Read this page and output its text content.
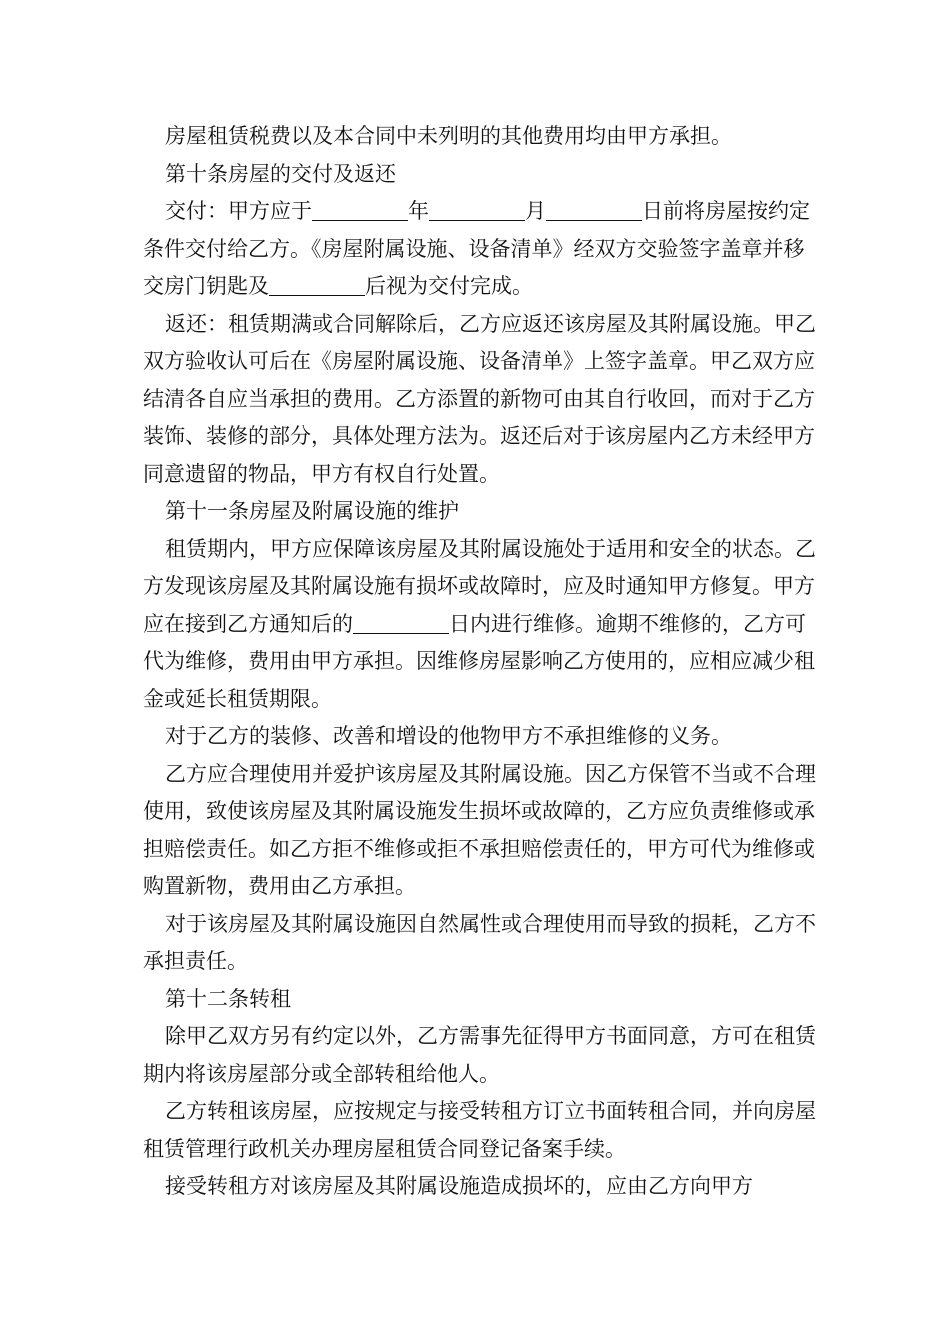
房屋租赁税费以及本合同中未列明的其他费用均由甲方承担。

第十条房屋的交付及返还

交付：甲方应于	年	月	日前将房屋按约定条件交付给乙方。《房屋附属设施、设备清单》经双方交验签字盖章并移交房门钥匙及	后视为交付完成。

返还：租赁期满或合同解除后，乙方应返还该房屋及其附属设施。甲乙双方验收认可后在《房屋附属设施、设备清单》上签字盖章。甲乙双方应结清各自应当承担的费用。乙方添置的新物可由其自行收回，而对于乙方装饰、装修的部分，具体处理方法为。返还后对于该房屋内乙方未经甲方同意遗留的物品，甲方有权自行处置。

第十一条房屋及附属设施的维护

租赁期内，甲方应保障该房屋及其附属设施处于适用和安全的状态。乙方发现该房屋及其附属设施有损坏或故障时，应及时通知甲方修复。甲方应在接到乙方通知后的	日内进行维修。逾期不维修的，乙方可代为维修，费用由甲方承担。因维修房屋影响乙方使用的，应相应减少租金或延长租赁期限。

对于乙方的装修、改善和增设的他物甲方不承担维修的义务。

乙方应合理使用并爱护该房屋及其附属设施。因乙方保管不当或不合理使用，致使该房屋及其附属设施发生损坏或故障的，乙方应负责维修或承担赔偿责任。如乙方拒不维修或拒不承担赔偿责任的，甲方可代为维修或购置新物，费用由乙方承担。

对于该房屋及其附属设施因自然属性或合理使用而导致的损耗，乙方不承担责任。

第十二条转租

除甲乙双方另有约定以外，乙方需事先征得甲方书面同意，方可在租赁期内将该房屋部分或全部转租给他人。

乙方转租该房屋，应按规定与接受转租方订立书面转租合同，并向房屋租赁管理行政机关办理房屋租赁合同登记备案手续。

接受转租方对该房屋及其附属设施造成损坏的，应由乙方向甲方
